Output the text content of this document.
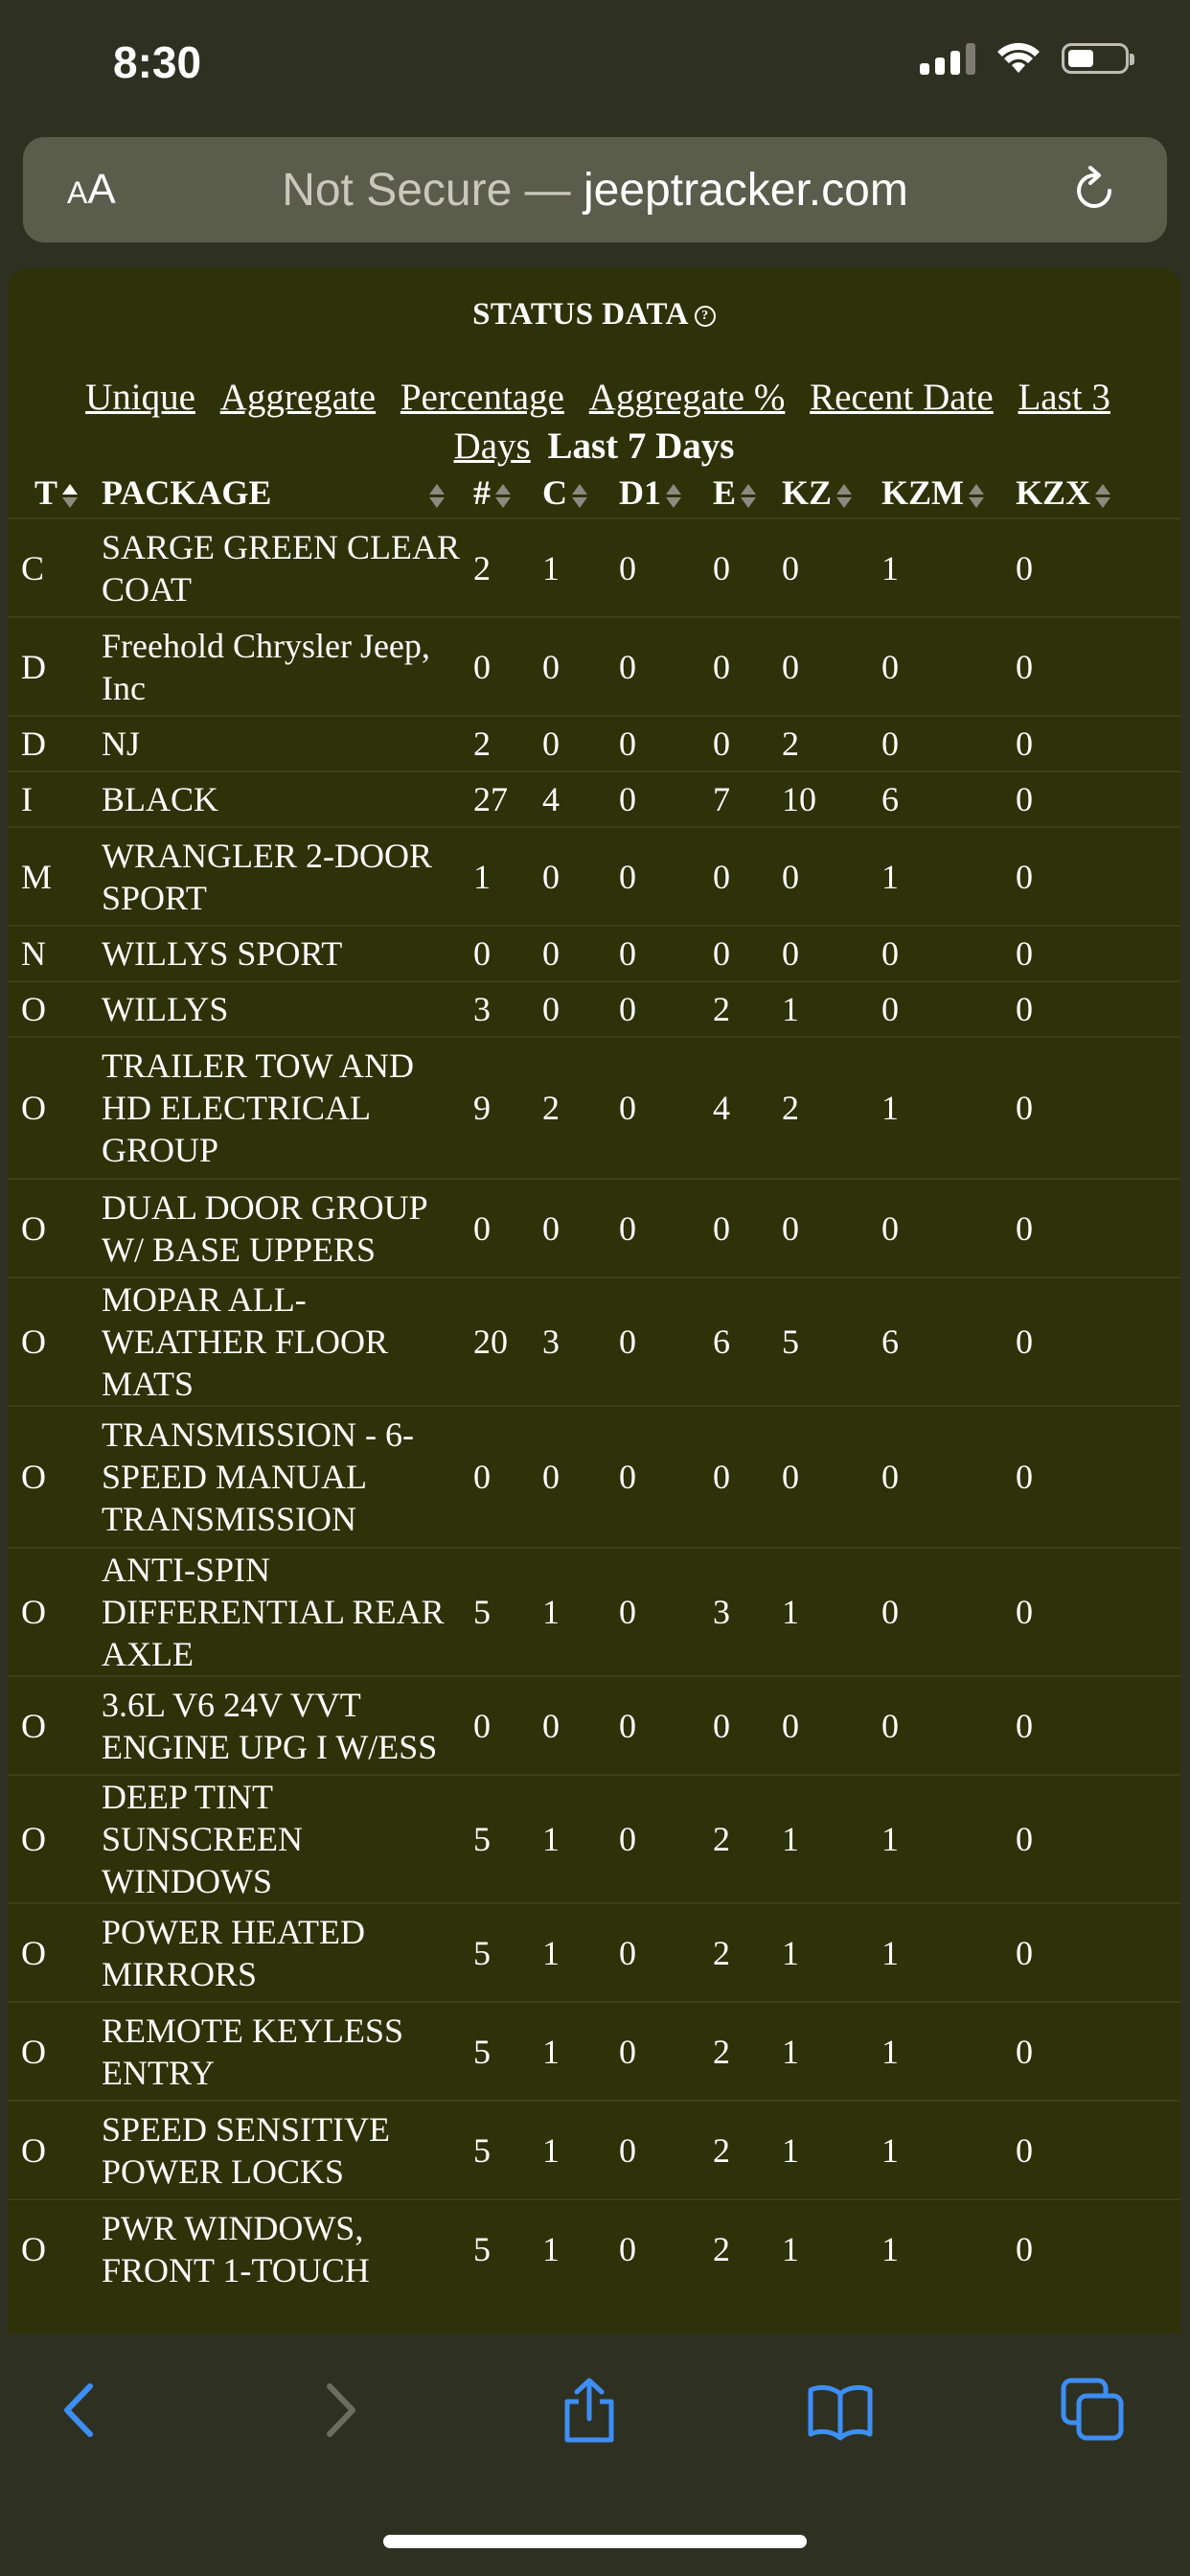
8:30
AA	Not Secure — jeeptracker.com
STATUS DATA ?
Unique Aggregate Percentage Aggregate % Recent Date Last 3 Days Last 7 Days
T	PACKAGE	#	C	D1	E	KZ	KZM	KZX
C	SARGE GREEN CLEAR COAT	2	1	0	0	0	1	0
D	Freehold Chrysler Jeep, Inc	0	0	0	0	0	0	0
D	NJ	2	0	0	0	2	0	0
I	BLACK	27	4	0	7	10	6	0
M	WRANGLER 2-DOOR SPORT	1	0	0	0	0	1	0
N	WILLYS SPORT	0	0	0	0	0	0	0
O	WILLYS	3	0	0	2	1	0	0
O	TRAILER TOW AND HD ELECTRICAL GROUP	9	2	0	4	2	1	0
O	DUAL DOOR GROUP W/ BASE UPPERS	0	0	0	0	0	0	0
O	MOPAR ALL-WEATHER FLOOR MATS	20	3	0	6	5	6	0
O	TRANSMISSION - 6-SPEED MANUAL TRANSMISSION	0	0	0	0	0	0	0
O	ANTI-SPIN DIFFERENTIAL REAR AXLE	5	1	0	3	1	0	0
O	3.6L V6 24V VVT ENGINE UPG I W/ESS	0	0	0	0	0	0	0
O	DEEP TINT SUNSCREEN WINDOWS	5	1	0	2	1	1	0
O	POWER HEATED MIRRORS	5	1	0	2	1	1	0
O	REMOTE KEYLESS ENTRY	5	1	0	2	1	1	0
O	SPEED SENSITIVE POWER LOCKS	5	1	0	2	1	1	0
O	PWR WINDOWS, FRONT 1-TOUCH	5	1	0	2	1	1	0
